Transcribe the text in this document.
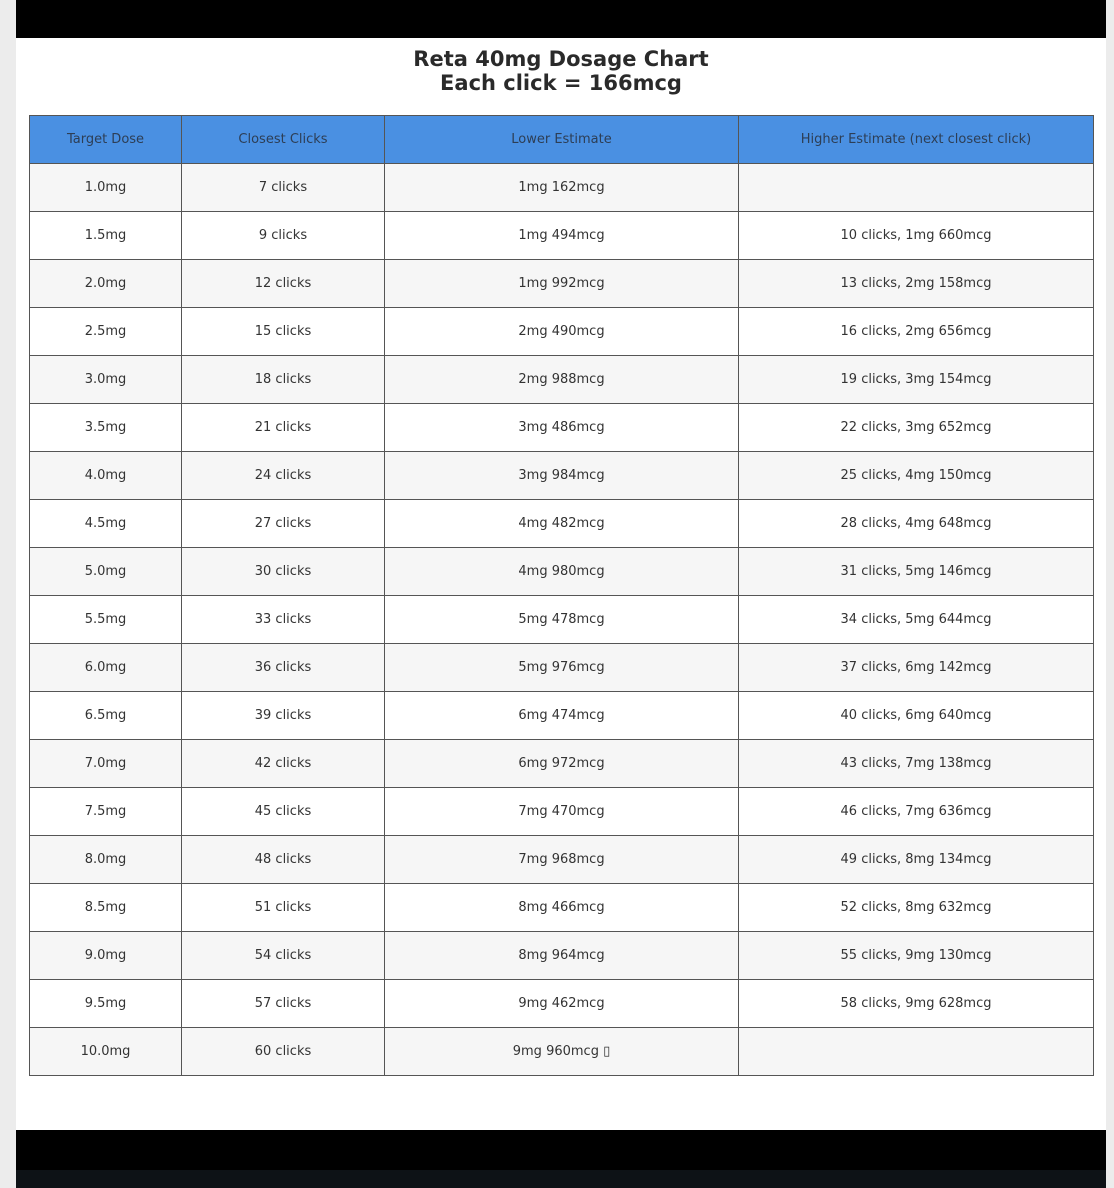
Reta 40mg Dosage Chart
Each click = 166mcg
Target Dose	Closest Clicks	Lower Estimate	Higher Estimate (next closest click)
1.0mg	7 clicks	1mg 162mcg	
1.5mg	9 clicks	1mg 494mcg	10 clicks, 1mg 660mcg
2.0mg	12 clicks	1mg 992mcg	13 clicks, 2mg 158mcg
2.5mg	15 clicks	2mg 490mcg	16 clicks, 2mg 656mcg
3.0mg	18 clicks	2mg 988mcg	19 clicks, 3mg 154mcg
3.5mg	21 clicks	3mg 486mcg	22 clicks, 3mg 652mcg
4.0mg	24 clicks	3mg 984mcg	25 clicks, 4mg 150mcg
4.5mg	27 clicks	4mg 482mcg	28 clicks, 4mg 648mcg
5.0mg	30 clicks	4mg 980mcg	31 clicks, 5mg 146mcg
5.5mg	33 clicks	5mg 478mcg	34 clicks, 5mg 644mcg
6.0mg	36 clicks	5mg 976mcg	37 clicks, 6mg 142mcg
6.5mg	39 clicks	6mg 474mcg	40 clicks, 6mg 640mcg
7.0mg	42 clicks	6mg 972mcg	43 clicks, 7mg 138mcg
7.5mg	45 clicks	7mg 470mcg	46 clicks, 7mg 636mcg
8.0mg	48 clicks	7mg 968mcg	49 clicks, 8mg 134mcg
8.5mg	51 clicks	8mg 466mcg	52 clicks, 8mg 632mcg
9.0mg	54 clicks	8mg 964mcg	55 clicks, 9mg 130mcg
9.5mg	57 clicks	9mg 462mcg	58 clicks, 9mg 628mcg
10.0mg	60 clicks	9mg 960mcg ▯	
